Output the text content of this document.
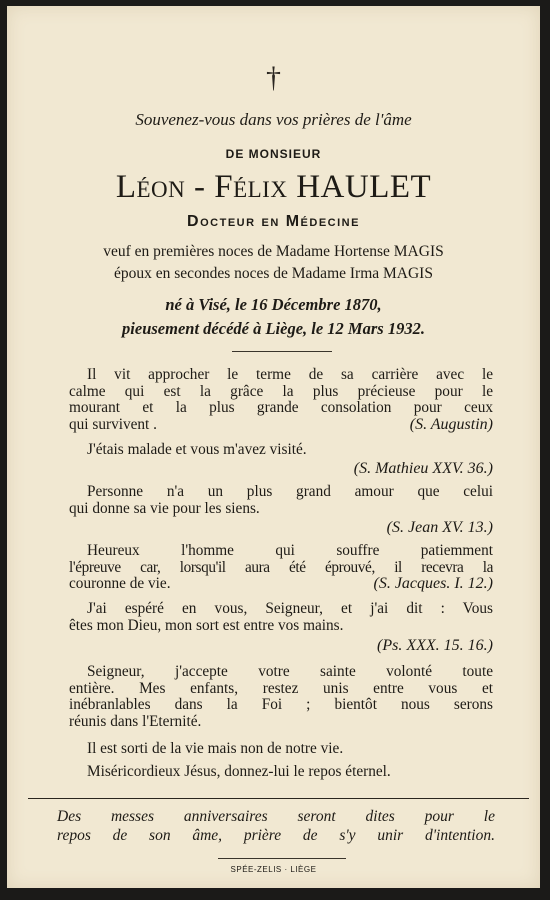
†
Souvenez-vous dans vos prières de l'âme
DE MONSIEUR
Léon - Félix HAULET
Docteur en Médecine
veuf en premières noces de Madame Hortense MAGIS
époux en secondes noces de Madame Irma MAGIS
né à Visé, le 16 Décembre 1870,
pieusement décédé à Liège, le 12 Mars 1932.
Il vit approcher le terme de sa carrière avec le
calme qui est la grâce la plus précieuse pour le
mourant et la plus grande consolation pour ceux
qui survivent .	(S. Augustin)
J'étais malade et vous m'avez visité.
(S. Mathieu XXV. 36.)
Personne n'a un plus grand amour que celui
qui donne sa vie pour les siens.
(S. Jean XV. 13.)
Heureux l'homme qui souffre patiemment
l'épreuve car, lorsqu'il aura été éprouvé, il recevra la
couronne de vie.	(S. Jacques. I. 12.)
J'ai espéré en vous, Seigneur, et j'ai dit : Vous
êtes mon Dieu, mon sort est entre vos mains.
(Ps. XXX. 15. 16.)
Seigneur, j'accepte votre sainte volonté toute
entière. Mes enfants, restez unis entre vous et
inébranlables dans la Foi ; bientôt nous serons
réunis dans l'Eternité.
Il est sorti de la vie mais non de notre vie.
Miséricordieux Jésus, donnez-lui le repos éternel.
Des messes anniversaires seront dites pour le
repos de son âme, prière de s'y unir d'intention.
SPÉE-ZELIS · LIÈGE
